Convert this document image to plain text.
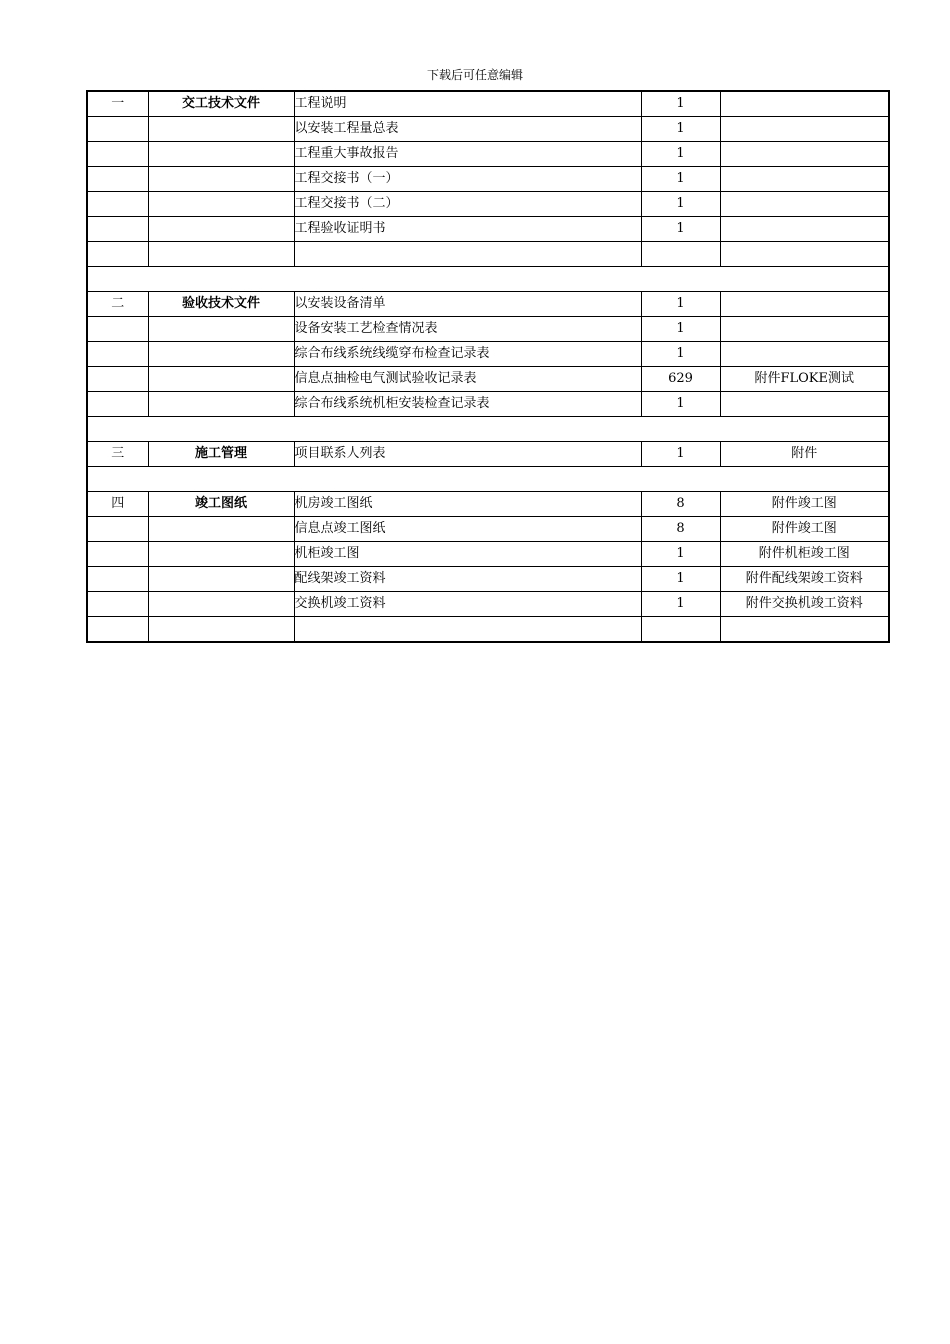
下载后可任意编辑
一	交工技术文件	工程说明	1	
		以安装工程量总表	1	
		工程重大事故报告	1	
		工程交接书（一）	1	
		工程交接书（二）	1	
		工程验收证明书	1	

二	验收技术文件	以安装设备清单	1	
		设备安装工艺检查情况表	1	
		综合布线系统线缆穿布检查记录表	1	
		信息点抽检电气测试验收记录表	629	附件FLOKE测试
		综合布线系统机柜安装检查记录表	1	

三	施工管理	项目联系人列表	1	附件

四	竣工图纸	机房竣工图纸	8	附件竣工图
		信息点竣工图纸	8	附件竣工图
		机柜竣工图	1	附件机柜竣工图
		配线架竣工资料	1	附件配线架竣工资料
		交换机竣工资料	1	附件交换机竣工资料
